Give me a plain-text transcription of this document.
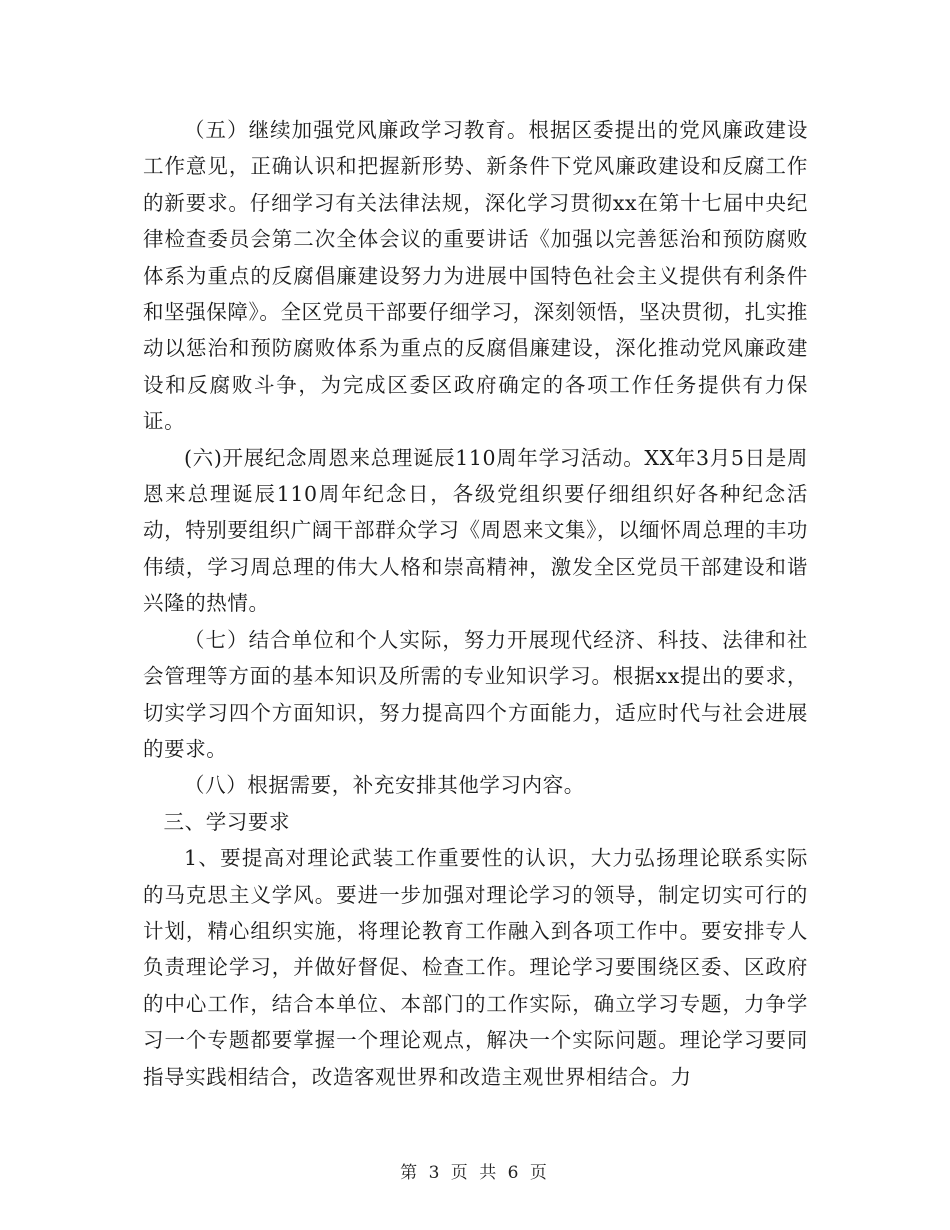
（五）继续加强党风廉政学习教育。根据区委提出的党风廉政建设工作意见，正确认识和把握新形势、新条件下党风廉政建设和反腐工作的新要求。仔细学习有关法律法规，深化学习贯彻xx在第十七届中央纪律检查委员会第二次全体会议的重要讲话《加强以完善惩治和预防腐败体系为重点的反腐倡廉建设努力为进展中国特色社会主义提供有利条件和坚强保障》。全区党员干部要仔细学习，深刻领悟，坚决贯彻，扎实推动以惩治和预防腐败体系为重点的反腐倡廉建设，深化推动党风廉政建设和反腐败斗争，为完成区委区政府确定的各项工作任务提供有力保证。

(六)开展纪念周恩来总理诞辰110周年学习活动。XX年3月5日是周恩来总理诞辰110周年纪念日，各级党组织要仔细组织好各种纪念活动，特别要组织广阔干部群众学习《周恩来文集》，以缅怀周总理的丰功伟绩，学习周总理的伟大人格和崇高精神，激发全区党员干部建设和谐兴隆的热情。

（七）结合单位和个人实际，努力开展现代经济、科技、法律和社会管理等方面的基本知识及所需的专业知识学习。根据xx提出的要求，切实学习四个方面知识，努力提高四个方面能力，适应时代与社会进展的要求。

（八）根据需要，补充安排其他学习内容。

三、学习要求

1、要提高对理论武装工作重要性的认识，大力弘扬理论联系实际的马克思主义学风。要进一步加强对理论学习的领导，制定切实可行的计划，精心组织实施，将理论教育工作融入到各项工作中。要安排专人负责理论学习，并做好督促、检查工作。理论学习要围绕区委、区政府的中心工作，结合本单位、本部门的工作实际，确立学习专题，力争学习一个专题都要掌握一个理论观点，解决一个实际问题。理论学习要同指导实践相结合，改造客观世界和改造主观世界相结合。力

第 3 页 共 6 页
